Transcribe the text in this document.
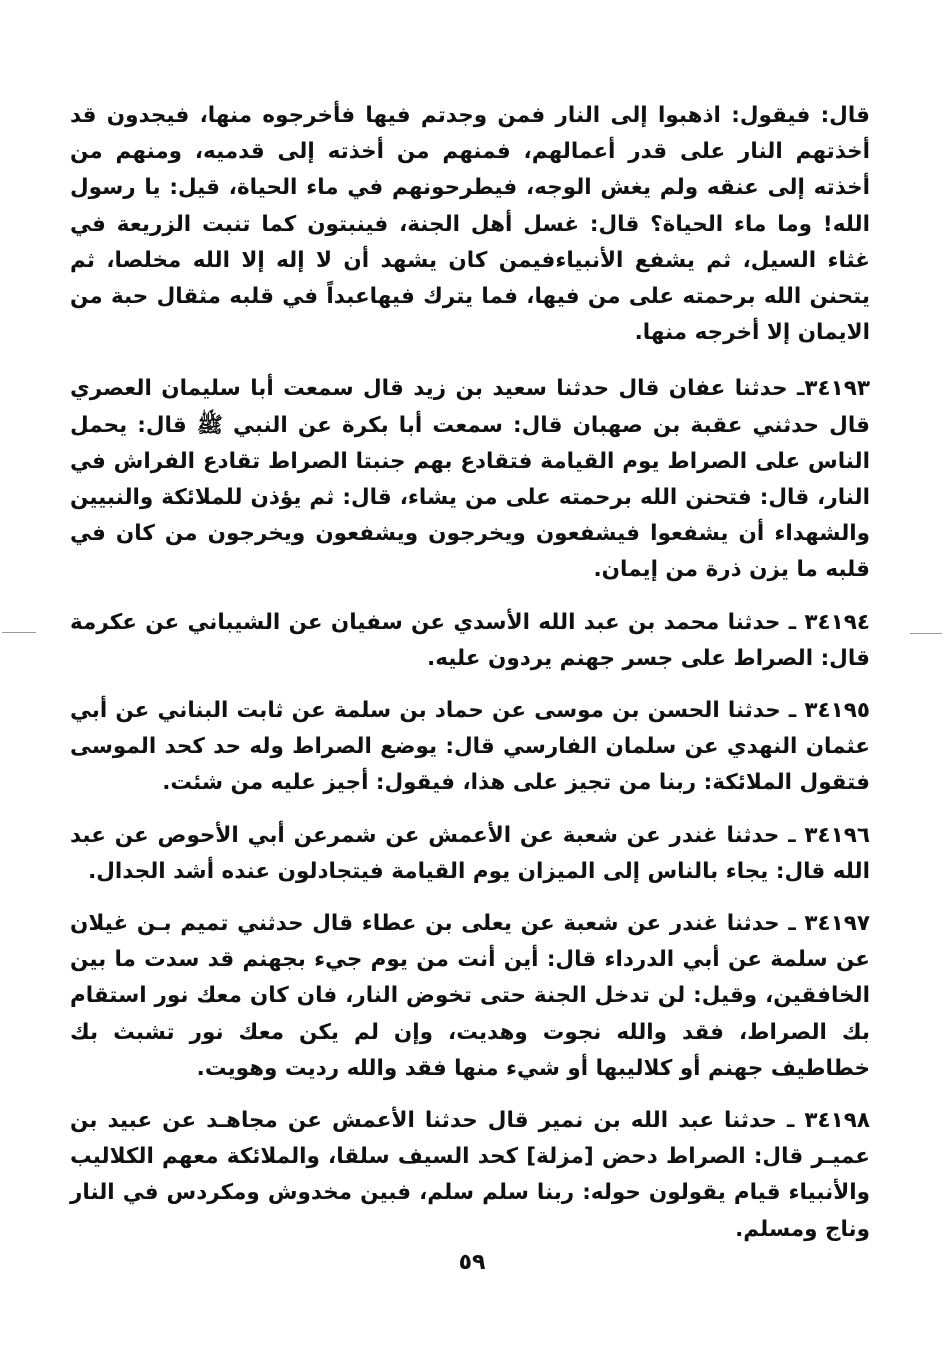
قال: فيقول: اذهبوا إلى النار فمن وجدتم فيها فأخرجوه منها، فيجدون قد أخذتهم النار على قدر أعمالهم، فمنهم من أخذته إلى قدميه، ومنهم من أخذته إلى عنقه ولم يغش الوجه، فيطرحونهم في ماء الحياة، قيل: يا رسول الله! وما ماء الحياة؟ قال: غسل أهل الجنة، فينبتون كما تنبت الزريعة في غثاء السيل، ثم يشفع الأنبياءفيمن كان يشهد أن لا إله إلا الله مخلصا، ثم يتحنن الله برحمته على من فيها، فما يترك فيهاعبداً في قلبه مثقال حبة من الايمان إلا أخرجه منها.

٣٤١٩٣ـ حدثنا عفان قال حدثنا سعيد بن زيد قال سمعت أبا سليمان العصري قال حدثني عقبة بن صهبان قال: سمعت أبا بكرة عن النبي ﷺ قال: يحمل الناس على الصراط يوم القيامة فتقادع بهم جنبتا الصراط تقادع الفراش في النار، قال: فتحنن الله برحمته على من يشاء، قال: ثم يؤذن للملائكة والنبيين والشهداء أن يشفعوا فيشفعون ويخرجون ويشفعون ويخرجون من كان في قلبه ما يزن ذرة من إيمان.

٣٤١٩٤ ـ حدثنا محمد بن عبد الله الأسدي عن سفيان عن الشيباني عن عكرمة قال: الصراط على جسر جهنم يردون عليه.

٣٤١٩٥ ـ حدثنا الحسن بن موسى عن حماد بن سلمة عن ثابت البناني عن أبي عثمان النهدي عن سلمان الفارسي قال: يوضع الصراط وله حد كحد الموسى فتقول الملائكة: ربنا من تجيز على هذا، فيقول: أجيز عليه من شئت.

٣٤١٩٦ ـ حدثنا غندر عن شعبة عن الأعمش عن شمرعن أبي الأحوص عن عبد الله قال: يجاء بالناس إلى الميزان يوم القيامة فيتجادلون عنده أشد الجدال.

٣٤١٩٧ ـ حدثنا غندر عن شعبة عن يعلى بن عطاء قال حدثني تميم بـن غيلان عن سلمة عن أبي الدرداء قال: أين أنت من يوم جيء بجهنم قد سدت ما بين الخافقين، وقيل: لن تدخل الجنة حتى تخوض النار، فان كان معك نور استقام بك الصراط، فقد والله نجوت وهديت، وإن لم يكن معك نور تشبث بك خطاطيف جهنم أو كلاليبها أو شيء منها فقد والله رديت وهويت.

٣٤١٩٨ ـ حدثنا عبد الله بن نمير قال حدثنا الأعمش عن مجاهـد عن عبيد بن عميـر قال: الصراط دحض [مزلة] كحد السيف سلقا، والملائكة معهم الكلاليب والأنبياء قيام يقولون حوله: ربنا سلم سلم، فبين مخدوش ومكردس في النار وناج ومسلم.

٥٩
